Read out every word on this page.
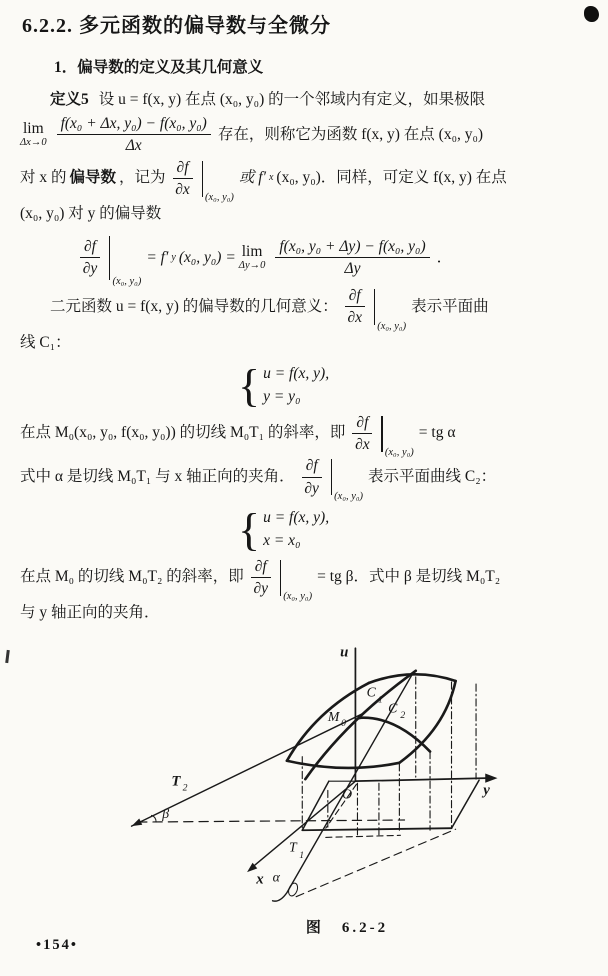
6.2.2. 多元函数的偏导数与全微分
1．偏导数的定义及其几何意义
定义5 设 u = f(x, y) 在点 (x₀, y₀) 的一个邻域内有定义，如果极限
lim
$\Delta x\to 0 \frac{\text{f(x₀ + Δx, y₀) − f(x₀, y₀)}}{\Delta x}$ 存在，则称它为函数 f(x, y) 在点 (x₀, y₀)
对 x 的 偏导数 ，记为 $\frac{\partial f}{\partial x} (x_0$, y₀)
或 f′ x (x₀, y₀)．同样，可定义 f(x, y) 在点
(x₀, y₀) 对 y 的偏导数
$\frac{\partial f}{\partial y}$
(x₀, y₀)
= f′ y (x₀, y₀) = lim
$\Delta y\to 0 \frac{\text{f(x₀, y₀ + Δy) − f(x₀, y₀)}}{\Delta y}$ ．
二元函数 u = f(x, y) 的偏导数的几何意义： $\frac{\partial f}{\partial x} (x_0$, y₀)
表示平面曲
线 C₁：
{ u = f(x, y),
y = y₀
在点 M₀(x₀, y₀, f(x₀, y₀)) 的切线 M₀T₁ 的斜率，即 $\frac{\partial f}{\partial x} (x_0$, y₀)
= tg α
式中 α 是切线 M₀T₁ 与 x 轴正向的夹角． $\frac{\partial f}{\partial y} (x_0$, y₀)
表示平面曲线 C₂：
{ u = f(x, y),
x = x₀
在点 M₀ 的切线 M₀T₂ 的斜率，即 $\frac{\partial f}{\partial y} (x_0$, y₀)
= tg β．式中 β 是切线 M₀T₂
与 y 轴正向的夹角．
u
y
x
O
T 2
T
1
C
1
C 2
M 0
α
β
图　6.2-2
•154•
